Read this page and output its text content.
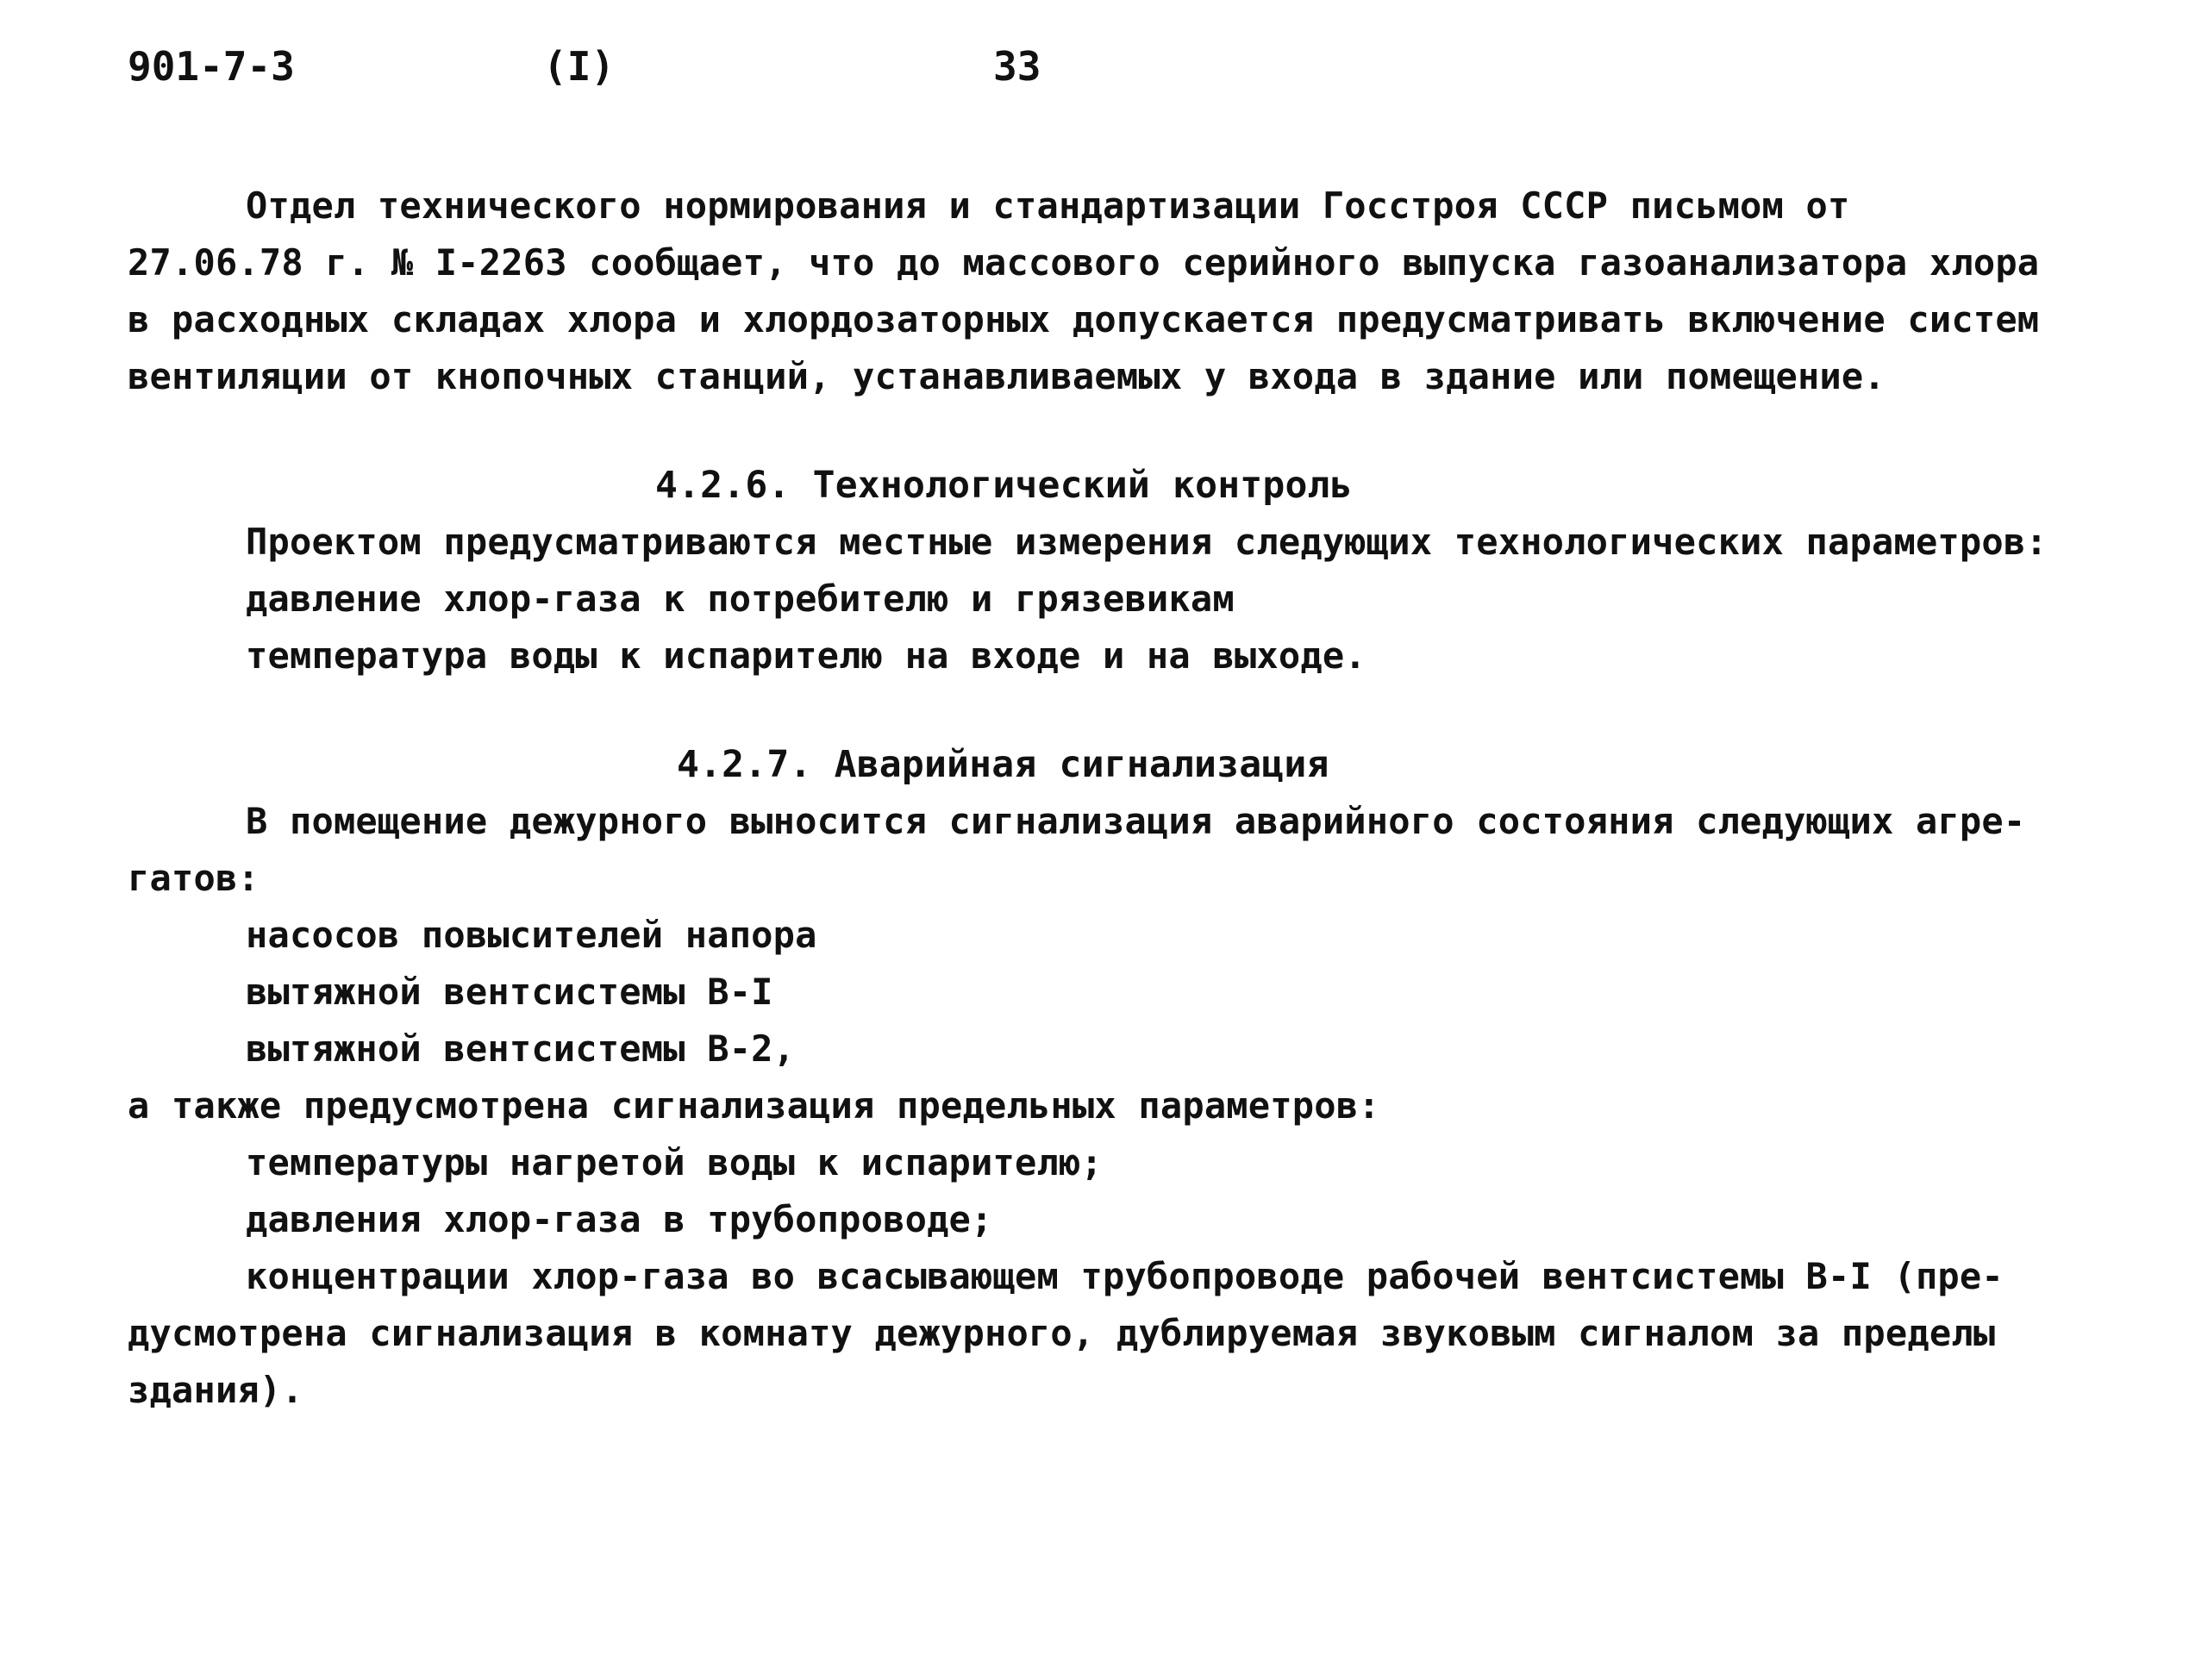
901-7-3	(I)	33
Отдел технического нормирования и стандартизации Госстроя СССР письмом от
27.06.78 г. № I-2263 сообщает, что до массового серийного выпуска газоанализатора хлора
в расходных складах хлора и хлордозаторных допускается предусматривать включение систем
вентиляции от кнопочных станций, устанавливаемых у входа в здание или помещение.
4.2.6. Технологический контроль
Проектом предусматриваются местные измерения следующих технологических параметров:
давление хлор-газа к потребителю и грязевикам
температура воды к испарителю на входе и на выходе.
4.2.7. Аварийная сигнализация
В помещение дежурного выносится сигнализация аварийного состояния следующих агре-
гатов:
насосов повысителей напора
вытяжной вентсистемы В-I
вытяжной вентсистемы В-2,
а также предусмотрена сигнализация предельных параметров:
температуры нагретой воды к испарителю;
давления хлор-газа в трубопроводе;
концентрации хлор-газа во всасывающем трубопроводе рабочей вентсистемы В-I (пре-
дусмотрена сигнализация в комнату дежурного, дублируемая звуковым сигналом за пределы
здания).
